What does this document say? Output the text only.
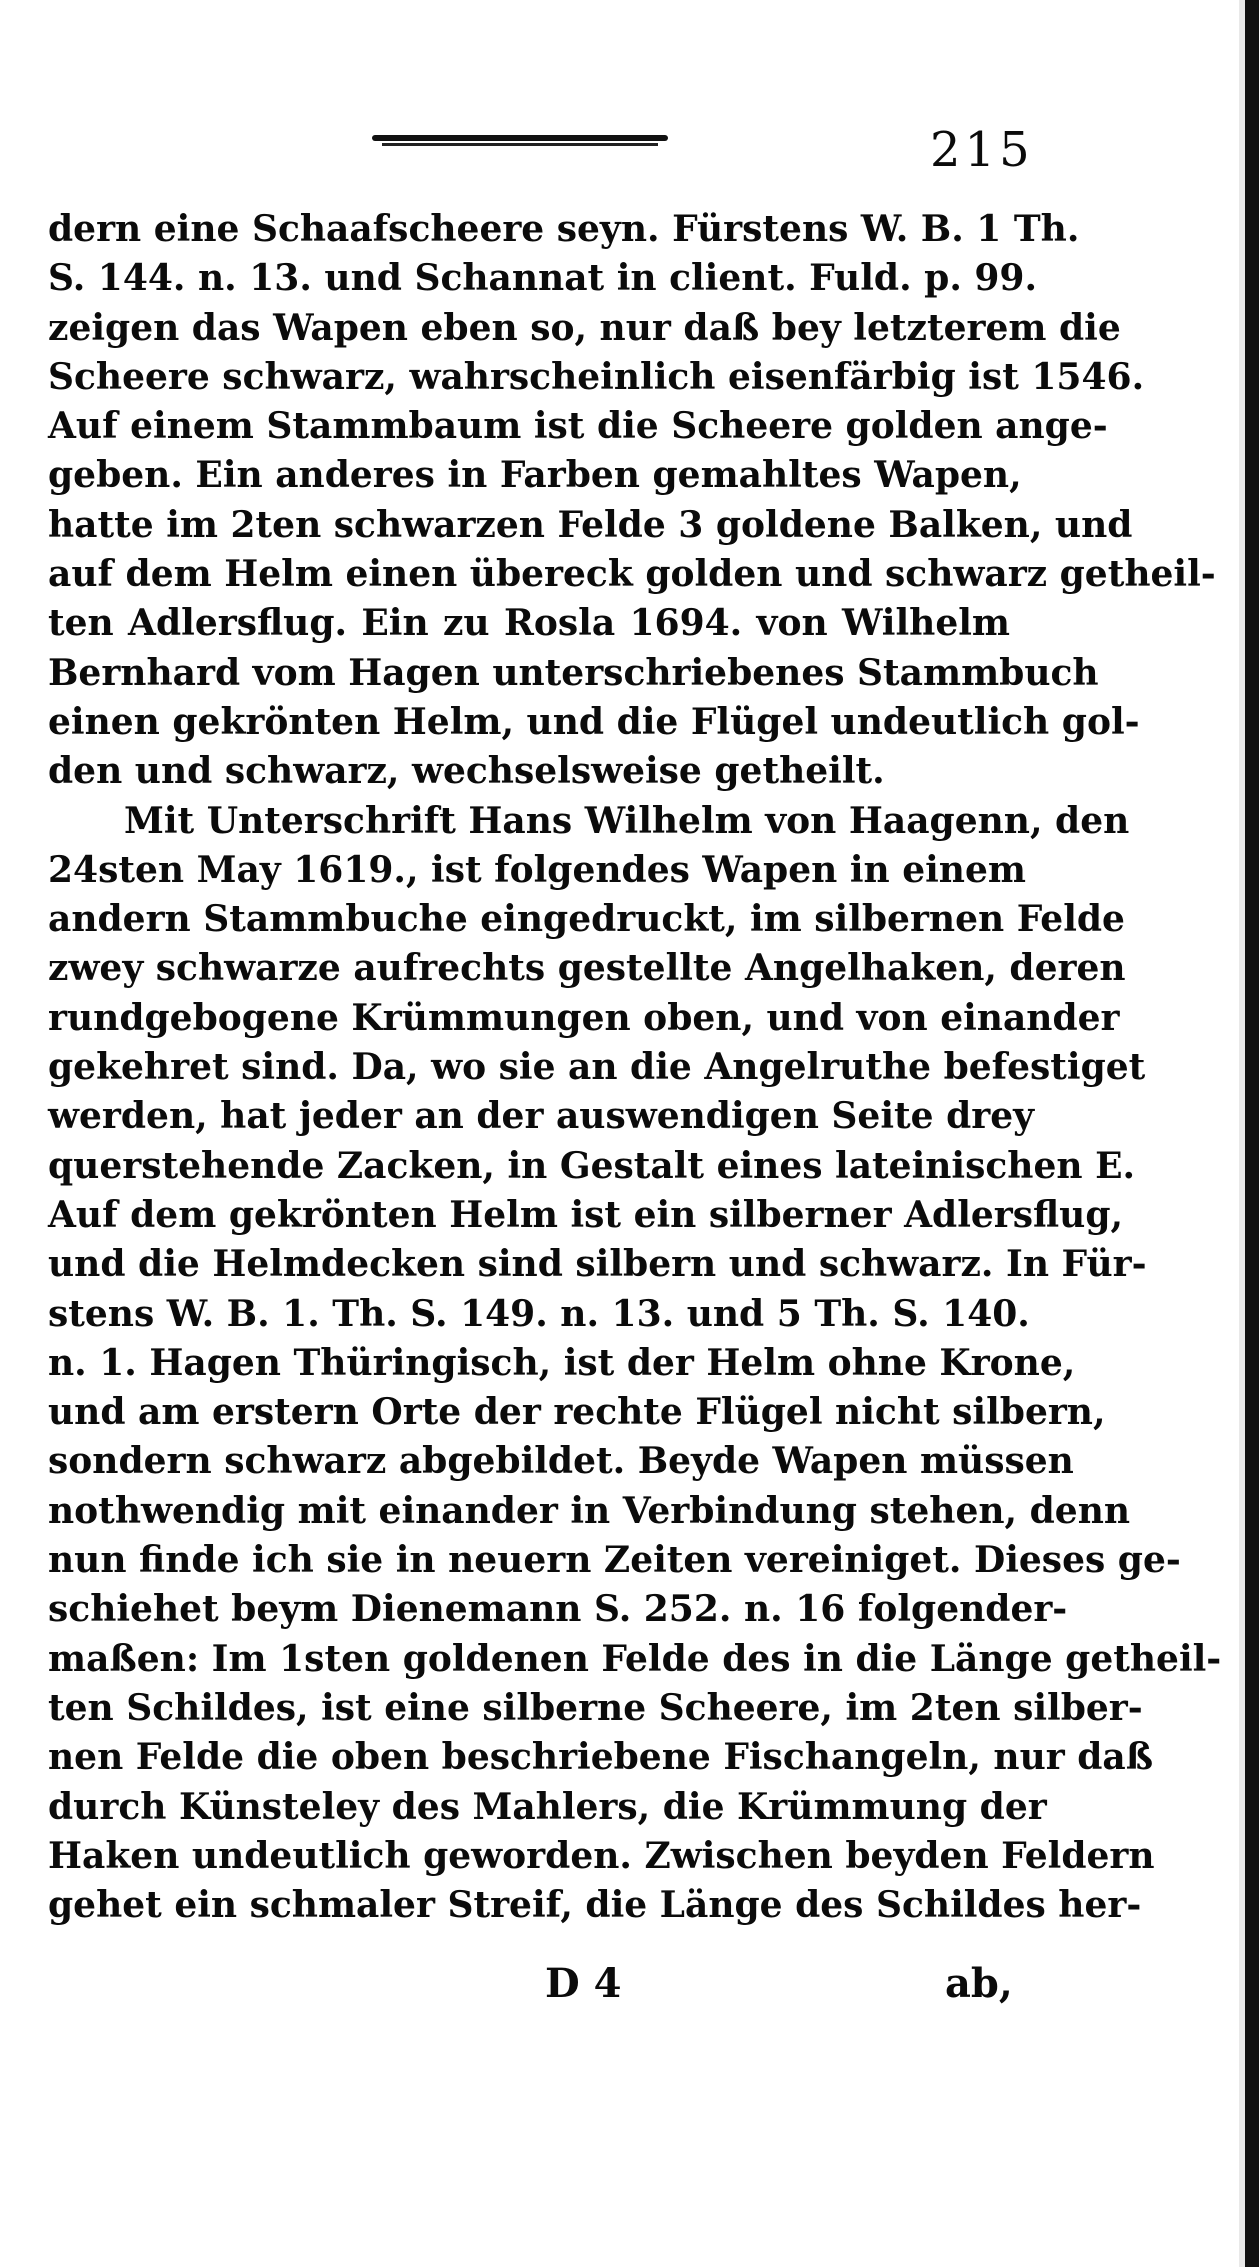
215
dern eine Schaafscheere seyn. Fürstens W. B. 1 Th.
S. 144. n. 13. und Schannat in client. Fuld. p. 99.
zeigen das Wapen eben so, nur daß bey letzterem die
Scheere schwarz, wahrscheinlich eisenfärbig ist 1546.
Auf einem Stammbaum ist die Scheere golden ange-
geben. Ein anderes in Farben gemahltes Wapen,
hatte im 2ten schwarzen Felde 3 goldene Balken, und
auf dem Helm einen übereck golden und schwarz getheil-
ten Adlersflug. Ein zu Rosla 1694. von Wilhelm
Bernhard vom Hagen unterschriebenes Stammbuch
einen gekrönten Helm, und die Flügel undeutlich gol-
den und schwarz, wechselsweise getheilt.
Mit Unterschrift Hans Wilhelm von Haagenn, den
24sten May 1619., ist folgendes Wapen in einem
andern Stammbuche eingedruckt, im silbernen Felde
zwey schwarze aufrechts gestellte Angelhaken, deren
rundgebogene Krümmungen oben, und von einander
gekehret sind. Da, wo sie an die Angelruthe befestiget
werden, hat jeder an der auswendigen Seite drey
querstehende Zacken, in Gestalt eines lateinischen E.
Auf dem gekrönten Helm ist ein silberner Adlersflug,
und die Helmdecken sind silbern und schwarz. In Für-
stens W. B. 1. Th. S. 149. n. 13. und 5 Th. S. 140.
n. 1. Hagen Thüringisch, ist der Helm ohne Krone,
und am erstern Orte der rechte Flügel nicht silbern,
sondern schwarz abgebildet. Beyde Wapen müssen
nothwendig mit einander in Verbindung stehen, denn
nun finde ich sie in neuern Zeiten vereiniget. Dieses ge-
schiehet beym Dienemann S. 252. n. 16 folgender-
maßen: Im 1sten goldenen Felde des in die Länge getheil-
ten Schildes, ist eine silberne Scheere, im 2ten silber-
nen Felde die oben beschriebene Fischangeln, nur daß
durch Künsteley des Mahlers, die Krümmung der
Haken undeutlich geworden. Zwischen beyden Feldern
gehet ein schmaler Streif, die Länge des Schildes her-
D 4	ab,
